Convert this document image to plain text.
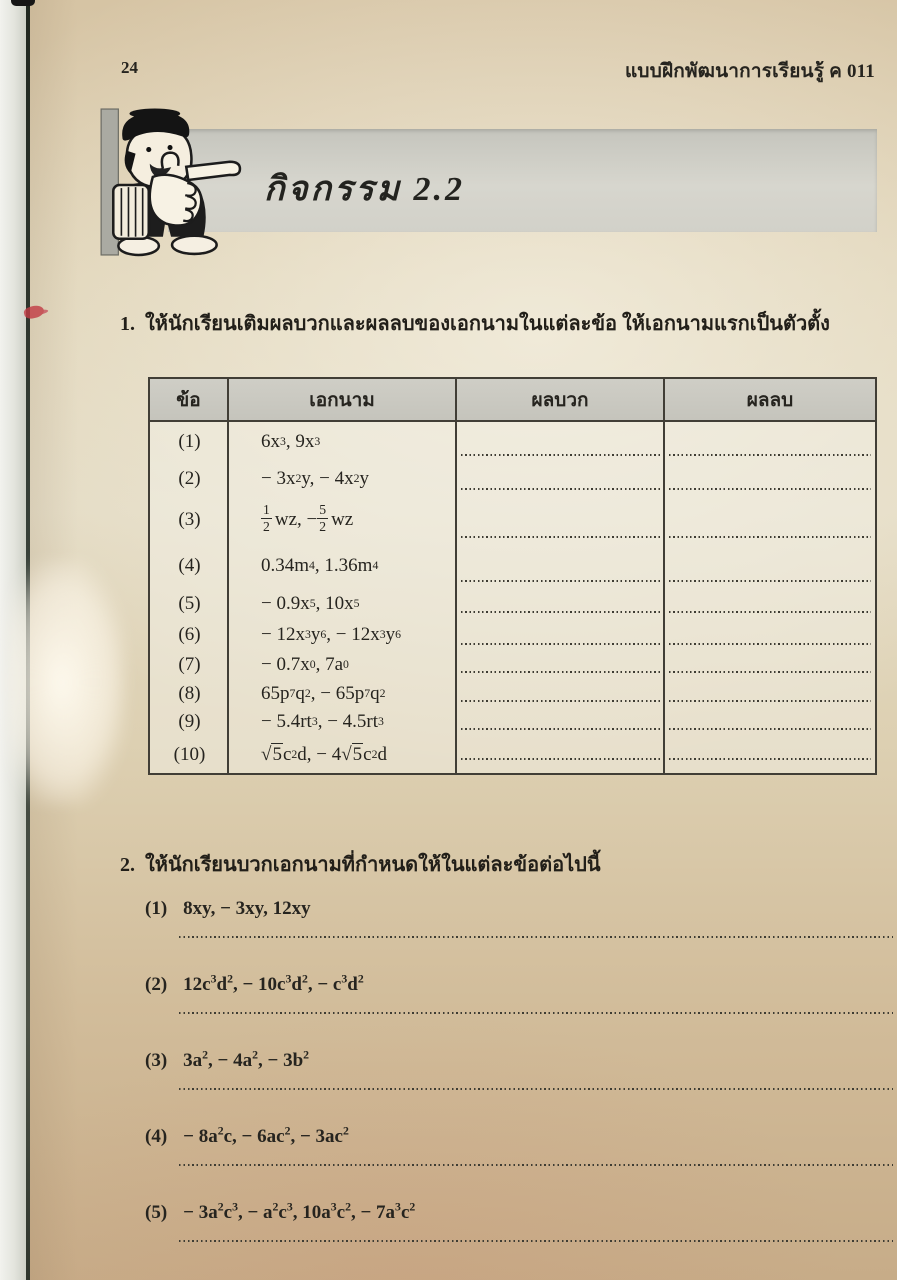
24	แบบฝึกพัฒนาการเรียนรู้ ค 011
กิจกรรม 2.2
1. ให้นักเรียนเติมผลบวกและผลลบของเอกนามในแต่ละข้อ ให้เอกนามแรกเป็นตัวตั้ง
ข้อ	เอกนาม	ผลบวก	ผลลบ
(1)	6x 3 , 9x 3
(2)	− 3x 2 y, − 4x 2 y
(3)	$\frac{1}{2}$ wz, − $\frac{5}{2}$ wz
(4)	0.34m 4 , 1.36m 4
(5)	− 0.9x 5 , 10x 5
(6)	− 12x 3 y 6 , − 12x 3 y 6
(7)	− 0.7x 0 , 7a 0
(8)	65p 7 q 2 , − 65p 7 q 2
(9)	− 5.4rt 3 , − 4.5rt 3
(10)	√5 c 2 d, − 4 √5 c 2 d
2. ให้นักเรียนบวกเอกนามที่กำหนดให้ในแต่ละข้อต่อไปนี้
(1) 8xy, − 3xy, 12xy
(2) $12c^3d^2$, − $10c^3d^2$, − $c^3d^2$
(3) $3a^2$, − $4a^2$, − $3b^2$
$(4) - 8a^2c$, − $6ac^2$, − $3ac^2$
$(5) - 3a^2c^3$, − $a^2c^3$, $10a^3c^2$, − $7a^3c^2$
